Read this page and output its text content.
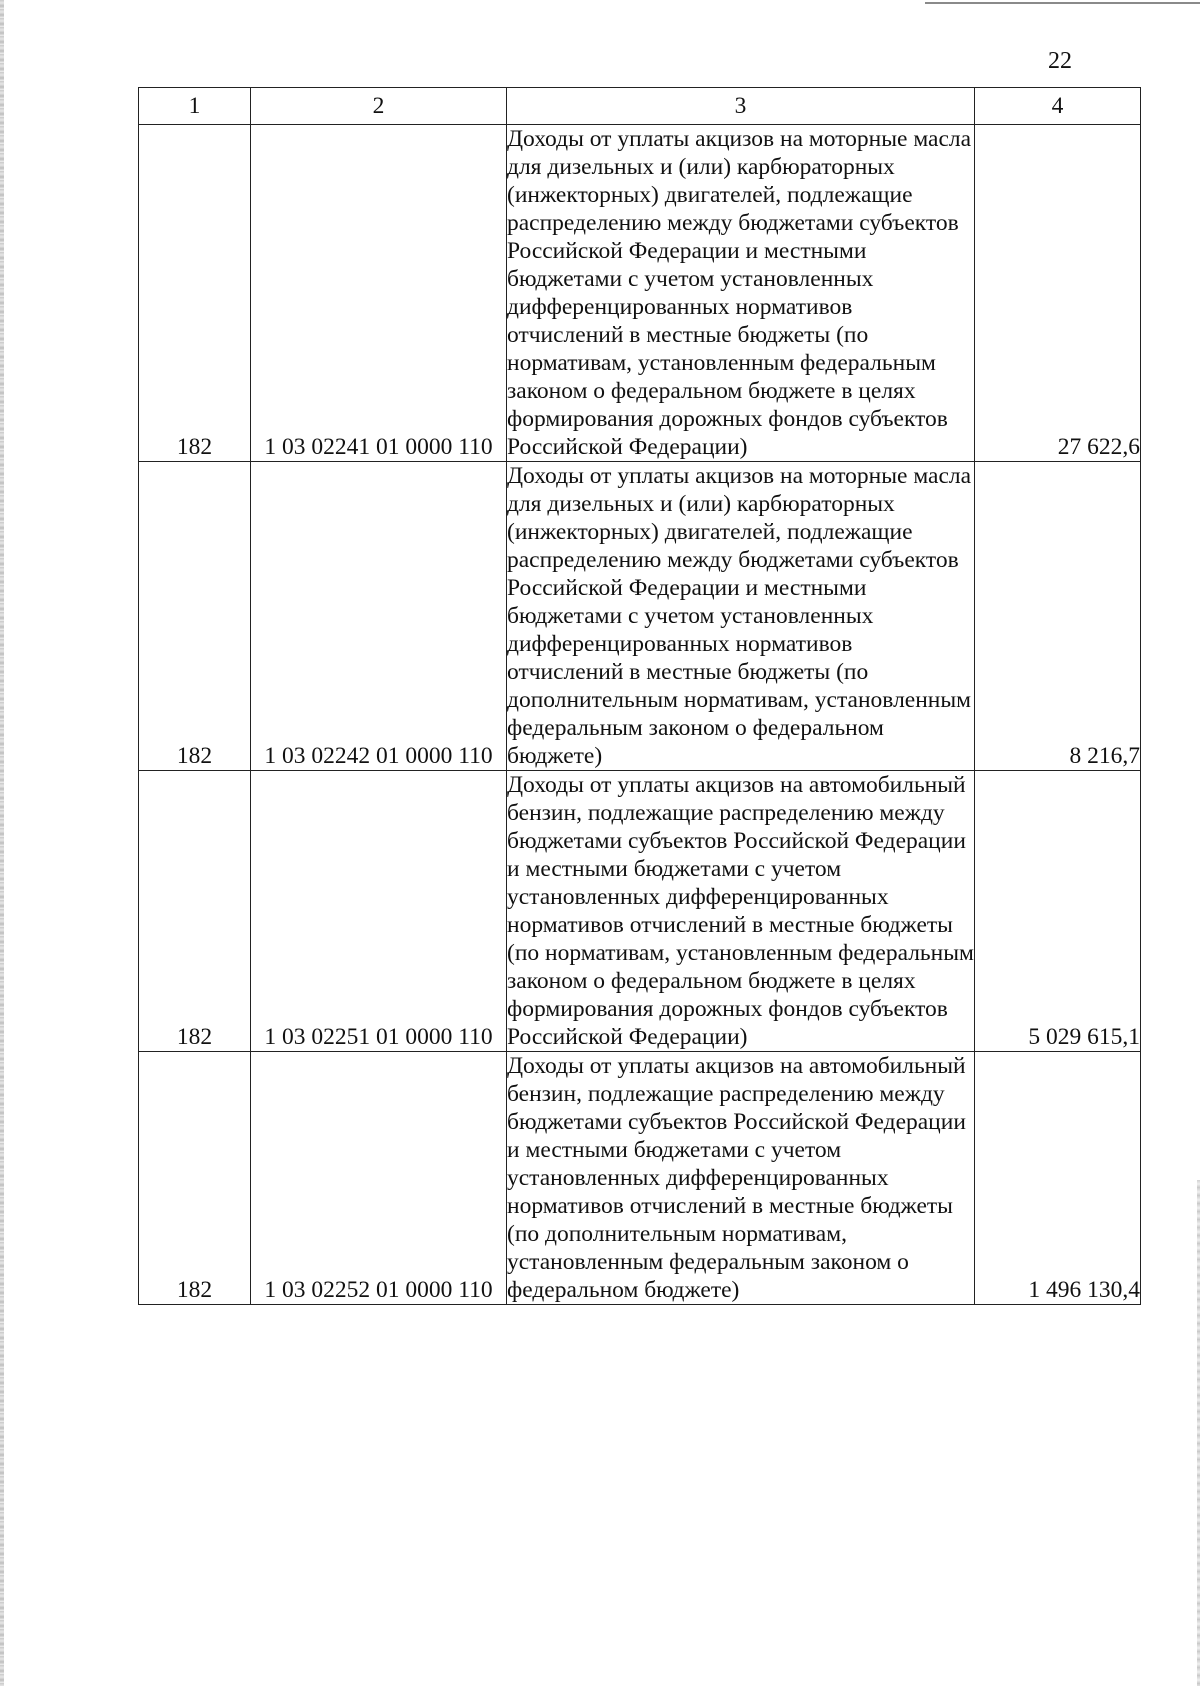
22
1	2	3	4
182	1 03 02241 01 0000 110	Доходы от уплаты акцизов на моторные масла для дизельных и (или) карбюраторных (инжекторных) двигателей, подлежащие распределению между бюджетами субъектов Российской Федерации и местными бюджетами с учетом установленных дифференцированных нормативов отчислений в местные бюджеты (по нормативам, установленным федеральным законом о федеральном бюджете в целях формирования дорожных фондов субъектов Российской Федерации)	27 622,6
182	1 03 02242 01 0000 110	Доходы от уплаты акцизов на моторные масла для дизельных и (или) карбюраторных (инжекторных) двигателей, подлежащие распределению между бюджетами субъектов Российской Федерации и местными бюджетами с учетом установленных дифференцированных нормативов отчислений в местные бюджеты (по дополнительным нормативам, установленным федеральным законом о федеральном бюджете)	8 216,7
182	1 03 02251 01 0000 110	Доходы от уплаты акцизов на автомобильный бензин, подлежащие распределению между бюджетами субъектов Российской Федерации и местными бюджетами с учетом установленных дифференцированных нормативов отчислений в местные бюджеты (по нормативам, установленным федеральным законом о федеральном бюджете в целях формирования дорожных фондов субъектов Российской Федерации)	5 029 615,1
182	1 03 02252 01 0000 110	Доходы от уплаты акцизов на автомобильный бензин, подлежащие распределению между бюджетами субъектов Российской Федерации и местными бюджетами с учетом установленных дифференцированных нормативов отчислений в местные бюджеты (по дополнительным нормативам, установленным федеральным законом о федеральном бюджете)	1 496 130,4
